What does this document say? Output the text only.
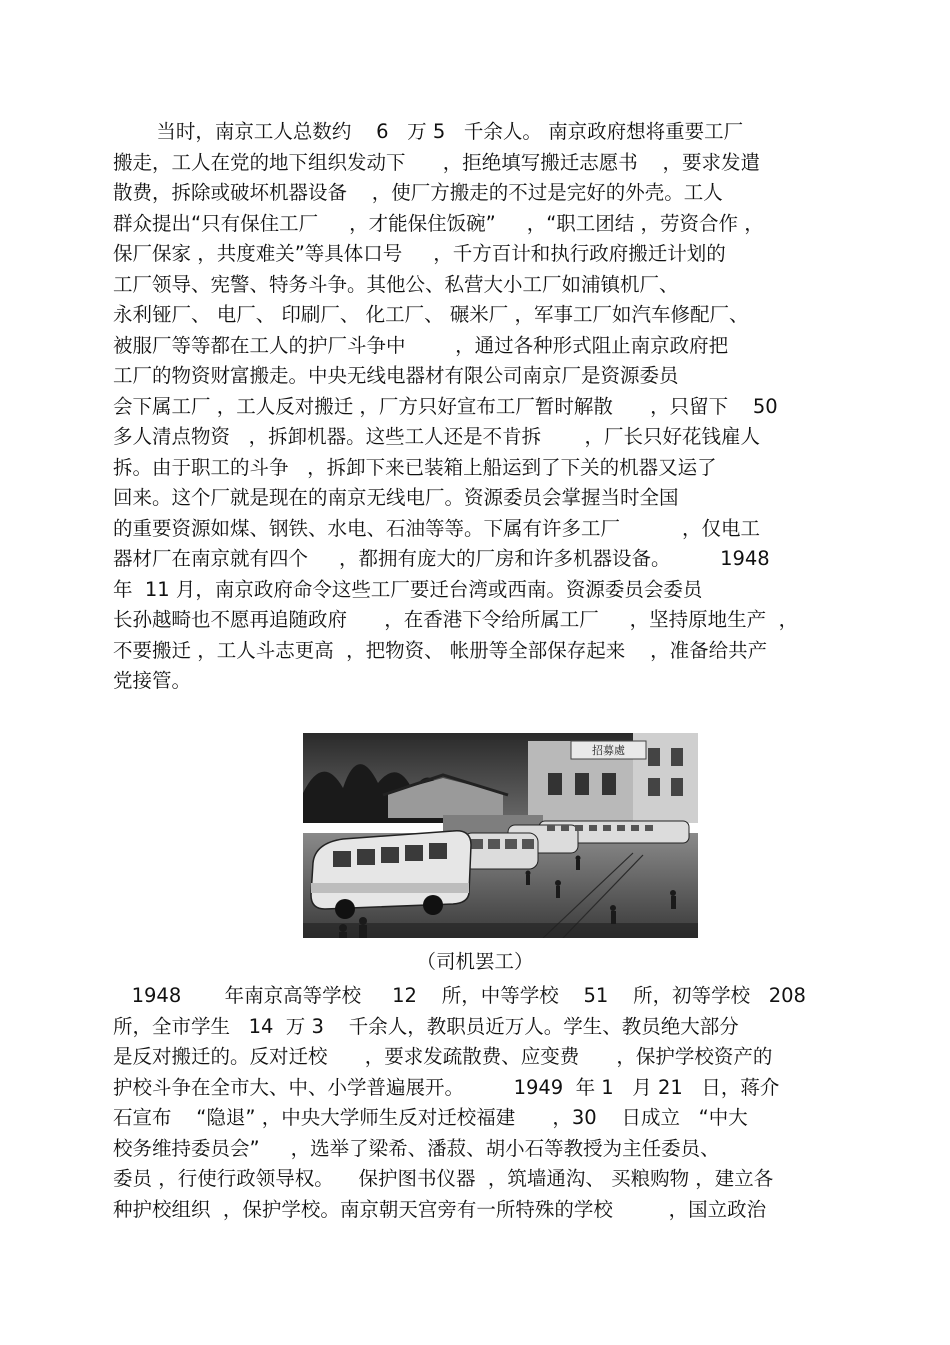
当时，南京工人总数约    6   万 5   千余人。 南京政府想将重要工厂
搬走，工人在党的地下组织发动下      ，拒绝填写搬迁志愿书    ，要求发遣
散费，拆除或破坏机器设备    ，使厂方搬走的不过是完好的外壳。工人
群众提出“只有保住工厂     ，才能保住饭碗”     ，“职工团结 ，劳资合作 ，
保厂保家 ，共度难关”等具体口号     ，千方百计和执行政府搬迁计划的
工厂领导、宪警、特务斗争。其他公、私营大小工厂如浦镇机厂、
永利铔厂、 电厂、 印刷厂、 化工厂、 碾米厂 ，军事工厂如汽车修配厂、
被服厂等等都在工人的护厂斗争中        ，通过各种形式阻止南京政府把
工厂的物资财富搬走。中央无线电器材有限公司南京厂是资源委员
会下属工厂 ，工人反对搬迁 ，厂方只好宣布工厂暂时解散      ，只留下    50
多人清点物资   ，拆卸机器。这些工人还是不肯拆       ，厂长只好花钱雇人
拆。由于职工的斗争   ，拆卸下来已装箱上船运到了下关的机器又运了
回来。这个厂就是现在的南京无线电厂。资源委员会掌握当时全国
的重要资源如煤、钢铁、水电、石油等等。下属有许多工厂          ，仅电工
器材厂在南京就有四个     ，都拥有庞大的厂房和许多机器设备。        1948
年  11 月，南京政府命令这些工厂要迁台湾或西南。资源委员会委员
长孙越畸也不愿再追随政府      ，在香港下令给所属工厂     ，坚持原地生产  ，
不要搬迁 ，工人斗志更高  ，把物资、 帐册等全部保存起来    ，准备给共产
党接管。
招募處
（司机罢工）
1948       年南京高等学校     12    所，中等学校    51    所，初等学校   208
所，全市学生   14  万 3    千余人，教职员近万人。学生、教员绝大部分
是反对搬迁的。反对迁校      ，要求发疏散费、应变费      ，保护学校资产的
护校斗争在全市大、中、小学普遍展开。        1949  年 1   月 21   日，蒋介
石宣布    “隐退” ，中央大学师生反对迁校福建      ，30    日成立   “中大
校务维持委员会”     ，选举了梁希、潘菽、胡小石等教授为主任委员、
委员 ，行使行政领导权。    保护图书仪器  ，筑墙通沟、 买粮购物 ，建立各
种护校组织  ，保护学校。南京朝天宫旁有一所特殊的学校         ，国立政治
